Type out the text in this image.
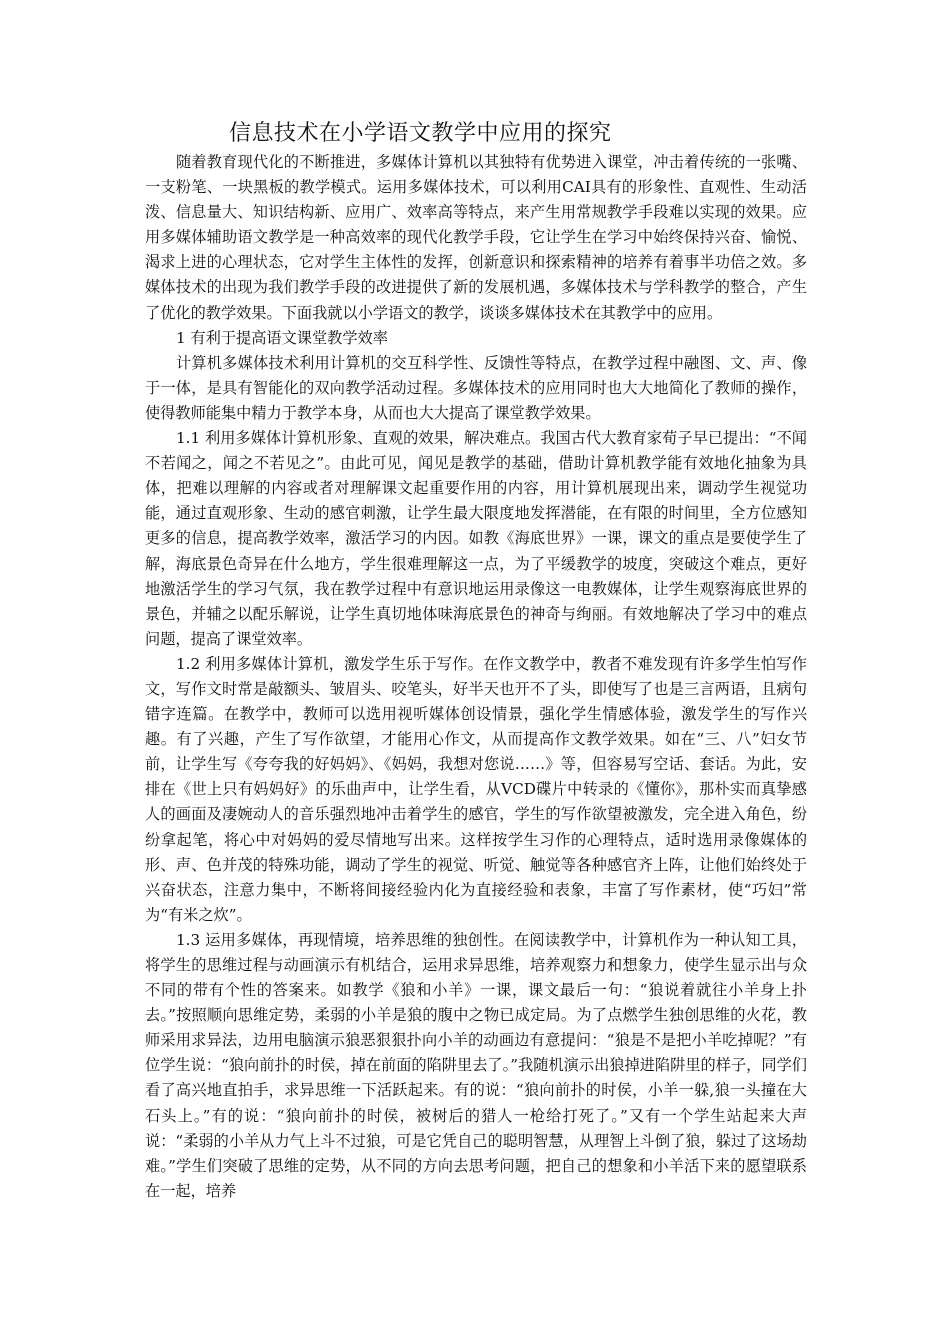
信息技术在小学语文教学中应用的探究

随着教育现代化的不断推进，多媒体计算机以其独特有优势进入课堂，冲击着传统的一张嘴、一支粉笔、一块黑板的教学模式。运用多媒体技术，可以利用CAI具有的形象性、直观性、生动活泼、信息量大、知识结构新、应用广、效率高等特点，来产生用常规教学手段难以实现的效果。应用多媒体辅助语文教学是一种高效率的现代化教学手段，它让学生在学习中始终保持兴奋、愉悦、渴求上进的心理状态，它对学生主体性的发挥，创新意识和探索精神的培养有着事半功倍之效。多媒体技术的出现为我们教学手段的改进提供了新的发展机遇，多媒体技术与学科教学的整合，产生了优化的教学效果。下面我就以小学语文的教学，谈谈多媒体技术在其教学中的应用。

1 有利于提高语文课堂教学效率

计算机多媒体技术利用计算机的交互科学性、反馈性等特点，在教学过程中融图、文、声、像于一体，是具有智能化的双向教学活动过程。多媒体技术的应用同时也大大地简化了教师的操作，使得教师能集中精力于教学本身，从而也大大提高了课堂教学效果。

1.1 利用多媒体计算机形象、直观的效果，解决难点。我国古代大教育家荀子早已提出：“不闻不若闻之，闻之不若见之”。由此可见，闻见是教学的基础，借助计算机教学能有效地化抽象为具体，把难以理解的内容或者对理解课文起重要作用的内容，用计算机展现出来，调动学生视觉功能，通过直观形象、生动的感官刺激，让学生最大限度地发挥潜能，在有限的时间里，全方位感知更多的信息，提高教学效率，激活学习的内因。如教《海底世界》一课，课文的重点是要使学生了解，海底景色奇异在什么地方，学生很难理解这一点，为了平缓教学的坡度，突破这个难点，更好地激活学生的学习气氛，我在教学过程中有意识地运用录像这一电教媒体，让学生观察海底世界的景色，并辅之以配乐解说，让学生真切地体味海底景色的神奇与绚丽。有效地解决了学习中的难点问题，提高了课堂效率。

1.2 利用多媒体计算机，激发学生乐于写作。在作文教学中，教者不难发现有许多学生怕写作文，写作文时常是敲额头、皱眉头、咬笔头，好半天也开不了头，即使写了也是三言两语，且病句错字连篇。在教学中，教师可以选用视听媒体创设情景，强化学生情感体验，激发学生的写作兴趣。有了兴趣，产生了写作欲望，才能用心作文，从而提高作文教学效果。如在“三、八”妇女节前，让学生写《夸夸我的好妈妈》、《妈妈，我想对您说……》等，但容易写空话、套话。为此，安排在《世上只有妈妈好》的乐曲声中，让学生看，从VCD碟片中转录的《懂你》，那朴实而真挚感人的画面及凄婉动人的音乐强烈地冲击着学生的感官，学生的写作欲望被激发，完全进入角色，纷纷拿起笔，将心中对妈妈的爱尽情地写出来。这样按学生习作的心理特点，适时选用录像媒体的形、声、色并茂的特殊功能，调动了学生的视觉、听觉、触觉等各种感官齐上阵，让他们始终处于兴奋状态，注意力集中，不断将间接经验内化为直接经验和表象，丰富了写作素材，使“巧妇”常为“有米之炊”。

1.3 运用多媒体，再现情境，培养思维的独创性。在阅读教学中，计算机作为一种认知工具，将学生的思维过程与动画演示有机结合，运用求异思维，培养观察力和想象力，使学生显示出与众不同的带有个性的答案来。如教学《狼和小羊》一课，课文最后一句：“狼说着就往小羊身上扑去。”按照顺向思维定势，柔弱的小羊是狼的腹中之物已成定局。为了点燃学生独创思维的火花，教师采用求异法，边用电脑演示狼恶狠狠扑向小羊的动画边有意提问：“狼是不是把小羊吃掉呢？”有位学生说：“狼向前扑的时侯，掉在前面的陷阱里去了。”我随机演示出狼掉进陷阱里的样子，同学们看了高兴地直拍手，求异思维一下活跃起来。有的说：“狼向前扑的时侯，小羊一躲,狼一头撞在大石头上。”有的说：“狼向前扑的时侯，被树后的猎人一枪给打死了。”又有一个学生站起来大声说：“柔弱的小羊从力气上斗不过狼，可是它凭自己的聪明智慧，从理智上斗倒了狼，躲过了这场劫难。”学生们突破了思维的定势，从不同的方向去思考问题，把自己的想象和小羊活下来的愿望联系在一起，培养
